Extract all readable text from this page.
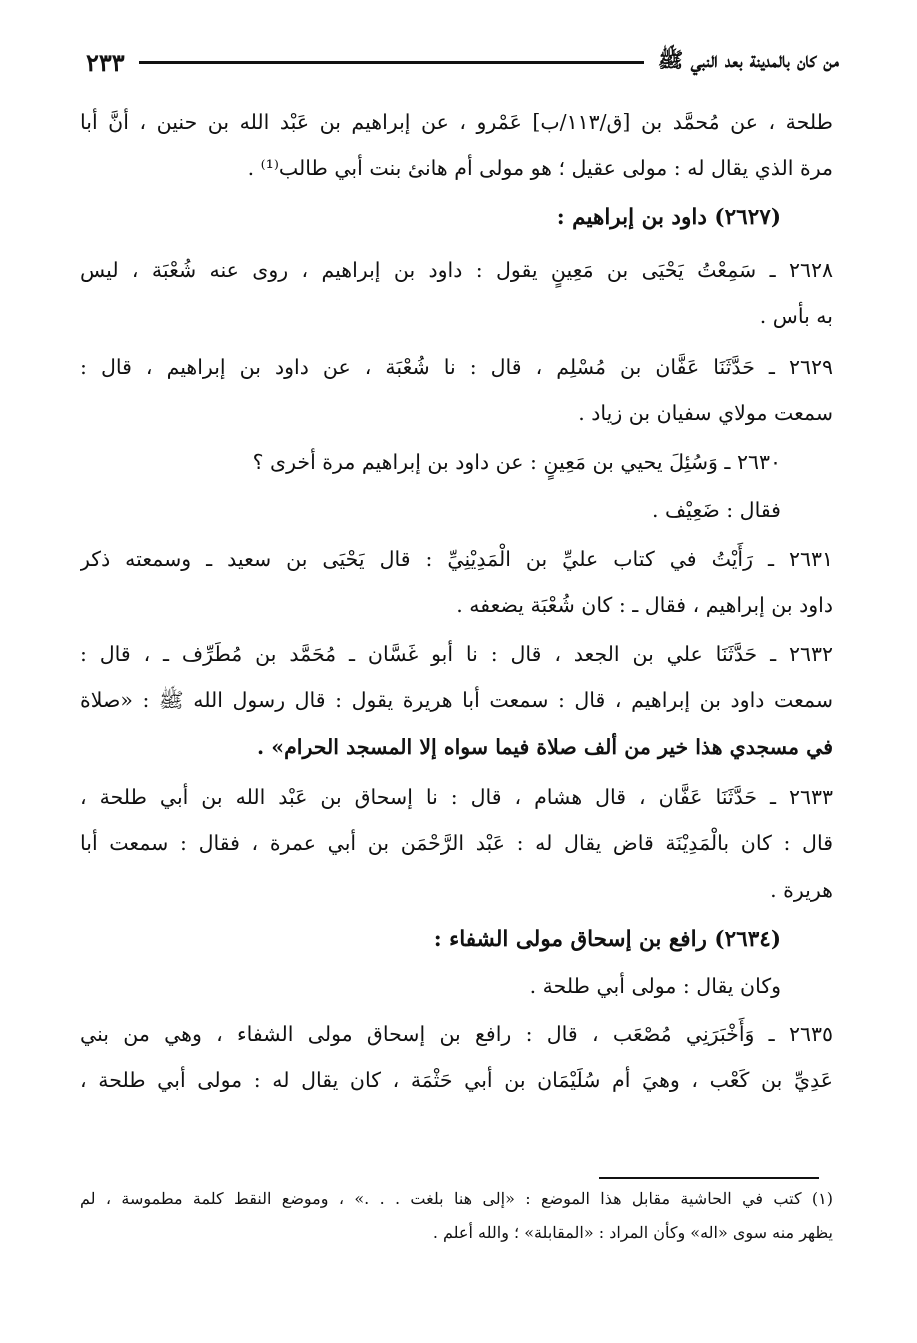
من كان بالمدينة بعد النبي ﷺ
٢٣٣
طلحة ، عن مُحمَّد بن [ق/١١٣/ب] عَمْرو ، عن إبراهيم بن عَبْد الله بن حنين ، أنَّ أبا
مرة الذي يقال له : مولى عقيل ؛ هو مولى أم هانئ بنت أبي طالب⁽¹⁾ .
(٢٦٢٧) داود بن إبراهيم :
٢٦٢٨ ـ سَمِعْتُ يَحْيَى بن مَعِينٍ يقول : داود بن إبراهيم ، روى عنه شُعْبَة ، ليس
به بأس .
٢٦٢٩ ـ حَدَّثَنَا عَفَّان بن مُسْلِم ، قال : نا شُعْبَة ، عن داود بن إبراهيم ، قال :
سمعت مولاي سفيان بن زياد .
٢٦٣٠ ـ وَسُئِلَ يحيي بن مَعِينٍ : عن داود بن إبراهيم مرة أخرى ؟
فقال : ضَعِيْف .
٢٦٣١ ـ رَأَيْتُ في كتاب عليِّ بن الْمَدِيْنِيِّ : قال يَحْيَى بن سعيد ـ وسمعته ذكر
داود بن إبراهيم ، فقال ـ : كان شُعْبَة يضعفه .
٢٦٣٢ ـ حَدَّثَنَا علي بن الجعد ، قال : نا أبو غَسَّان ـ مُحَمَّد بن مُطَرِّف ـ ، قال :
سمعت داود بن إبراهيم ، قال : سمعت أبا هريرة يقول : قال رسول الله ﷺ : «صلاة
في مسجدي هذا خير من ألف صلاة فيما سواه إلا المسجد الحرام» .
٢٦٣٣ ـ حَدَّثَنَا عَفَّان ، قال هشام ، قال : نا إسحاق بن عَبْد الله بن أبي طلحة ،
قال : كان بالْمَدِيْنَة قاض يقال له : عَبْد الرَّحْمَن بن أبي عمرة ، فقال : سمعت أبا
هريرة .
(٢٦٣٤) رافع بن إسحاق مولى الشفاء :
وكان يقال : مولى أبي طلحة .
٢٦٣٥ ـ وَأَخْبَرَنِي مُصْعَب ، قال : رافع بن إسحاق مولى الشفاء ، وهي من بني
عَدِيِّ بن كَعْب ، وهيَ أم سُلَيْمَان بن أبي حَثْمَة ، كان يقال له : مولى أبي طلحة ،
(١) كتب في الحاشية مقابل هذا الموضع : «إلى هنا بلغت . . .» ، وموضع النقط كلمة مطموسة ، لم
يظهر منه سوى «اله» وكأن المراد : «المقابلة» ؛ والله أعلم .
